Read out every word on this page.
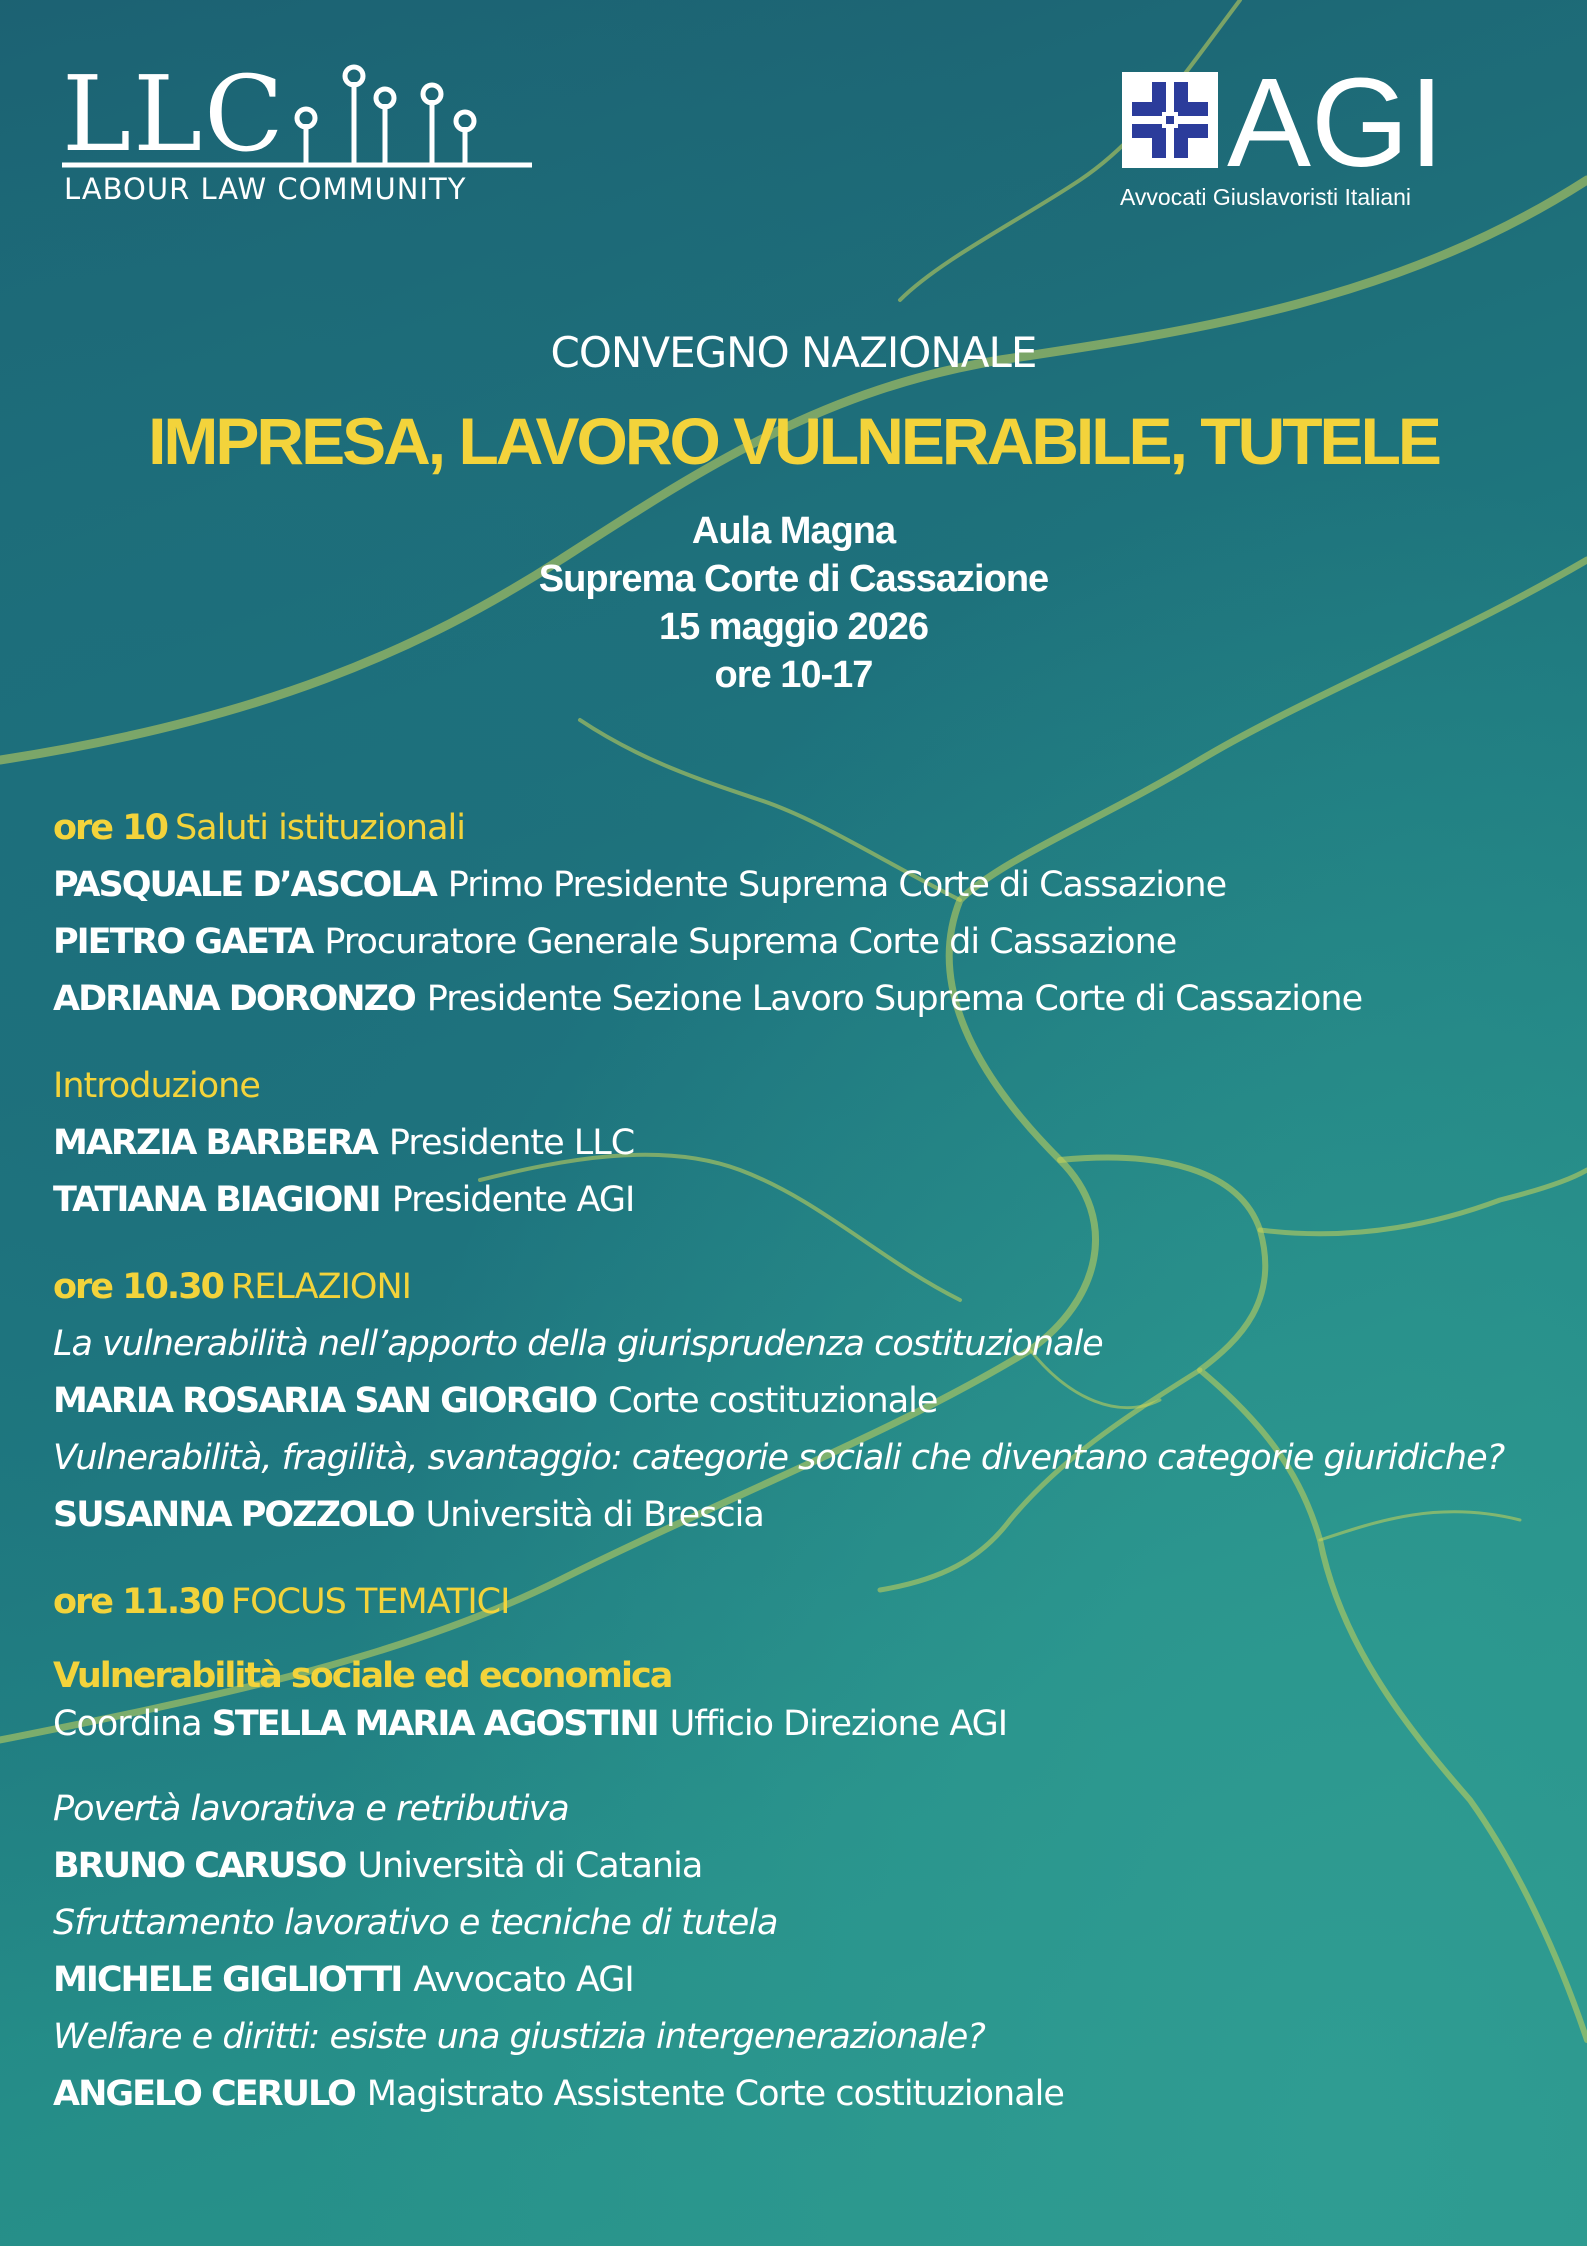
LLC
LABOUR LAW COMMUNITY	AGI
Avvocati Giuslavoristi Italiani
CONVEGNO NAZIONALE
IMPRESA, LAVORO VULNERABILE, TUTELE
Aula Magna
Suprema Corte di Cassazione
15 maggio 2026
ore 10-17
ore 10 Saluti istituzionali
PASQUALE D’ASCOLA Primo Presidente Suprema Corte di Cassazione
PIETRO GAETA Procuratore Generale Suprema Corte di Cassazione
ADRIANA DORONZO Presidente Sezione Lavoro Suprema Corte di Cassazione
Introduzione
MARZIA BARBERA Presidente LLC
TATIANA BIAGIONI Presidente AGI
ore 10.30 RELAZIONI
La vulnerabilità nell’apporto della giurisprudenza costituzionale
MARIA ROSARIA SAN GIORGIO Corte costituzionale
Vulnerabilità, fragilità, svantaggio: categorie sociali che diventano categorie giuridiche?
SUSANNA POZZOLO Università di Brescia
ore 11.30 FOCUS TEMATICI
Vulnerabilità sociale ed economica
Coordina STELLA MARIA AGOSTINI Ufficio Direzione AGI
Povertà lavorativa e retributiva
BRUNO CARUSO Università di Catania
Sfruttamento lavorativo e tecniche di tutela
MICHELE GIGLIOTTI Avvocato AGI
Welfare e diritti: esiste una giustizia intergenerazionale?
ANGELO CERULO Magistrato Assistente Corte costituzionale
